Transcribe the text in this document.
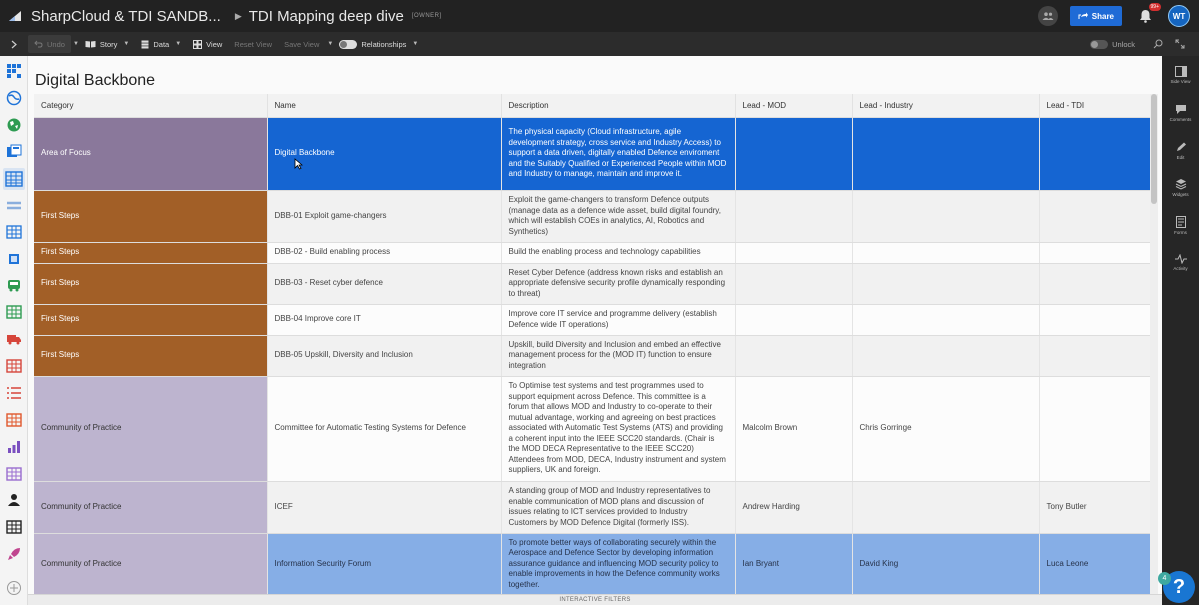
SharpCloud & TDI SANDB... ▶ TDI Mapping deep dive [OWNER]	Share
99+
WT
Undo ▼	Story ▼	Data ▼	View	Reset View	Save View	▼	Relationships ▼	Unlock
Digital Backbone
Category	Name	Description	Lead - MOD	Lead - Industry	Lead - TDI
Area of Focus	Digital Backbone	The physical capacity (Cloud infrastructure, agile development strategy, cross service and Industry Access) to support a data driven, digitally enabled Defence enviroment and the Suitably Qualified or Experienced People within MOD and Industry to manage, maintain and improve it.			
First Steps	DBB-01 Exploit game-changers	Exploit the game-changers to transform Defence outputs (manage data as a defence wide asset, build digital foundry, which will establish COEs in analytics, AI, Robotics and Synthetics)			
First Steps	DBB-02 - Build enabling process	Build the enabling process and technology capabilities			
First Steps	DBB-03 - Reset cyber defence	Reset Cyber Defence (address known risks and establish an appropriate defensive security profile dynamically responding to threat)			
First Steps	DBB-04 Improve core IT	Improve core IT service and programme delivery (establish Defence wide IT operations)			
First Steps	DBB-05 Upskill, Diversity and Inclusion	Upskill, build Diversity and Inclusion and embed an effective management process for the (MOD IT) function to ensure integration			
Community of Practice	Committee for Automatic Testing Systems for Defence	To Optimise test systems and test programmes used to support equipment across Defence. This committee is a forum that allows MOD and Industry to co-operate to their mutual advantage, working and agreeing on best practices associated with Automatic Test Systems (ATS) and providing a coherent input into the IEEE SCC20 standards. (Chair is the MOD DECA Representative to the IEEE SCC20) Attendees from MOD, DECA, Industry instrument and system suppliers, UK and foreign.	Malcolm Brown	Chris Gorringe	
Community of Practice	ICEF	A standing group of MOD and Industry representatives to enable communication of MOD plans and discussion of issues relating to ICT services provided to Industry Customers by MOD Defence Digital (formerly ISS).	Andrew Harding		Tony Butler
Community of Practice	Information Security Forum	To promote better ways of collaborating securely within the Aerospace and Defence Sector by developing information assurance guidance and influencing MOD security policy to enable improvements in how the Defence community works together.	Ian Bryant	David King	Luca Leone
Side View
Comments
Edit
Widgets
Forms
Activity
INTERACTIVE FILTERS
?
4
